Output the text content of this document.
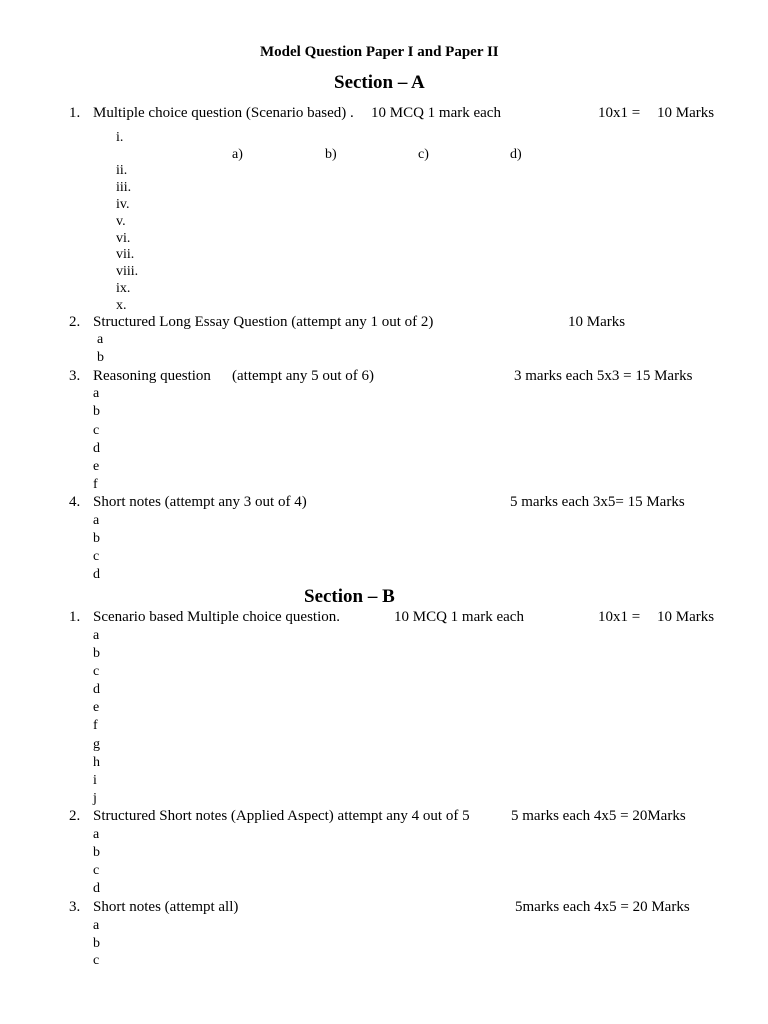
Model Question Paper I and Paper II
Section – A
1. Multiple choice question (Scenario based) . 10 MCQ 1 mark each	10x1 = 10 Marks
i.
a)	b)	c)	d)
ii.
iii.
iv.
v.
vi.
vii.
viii.
ix.
x.
2. Structured Long Essay Question (attempt any 1 out of 2)	10 Marks
a
b
3. Reasoning question (attempt any 5 out of 6)	3 marks each 5x3 = 15 Marks
a
b
c
d
e
f
4. Short notes (attempt any 3 out of 4)	5 marks each 3x5= 15 Marks
a
b
c
d
Section – B
1. Scenario based Multiple choice question.	10 MCQ 1 mark each	10x1 = 10 Marks
a
b
c
d
e
f
g
h
i
j
2. Structured Short notes (Applied Aspect) attempt any 4 out of 5	5 marks each 4x5 = 20Marks
a
b
c
d
3. Short notes (attempt all)	5marks each 4x5 = 20 Marks
a
b
c
